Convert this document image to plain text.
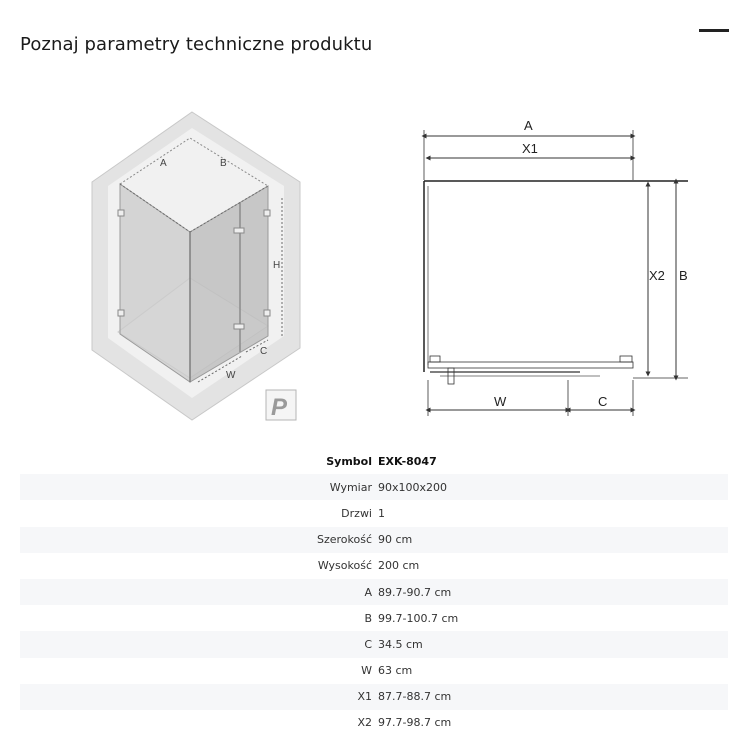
Poznaj parametry techniczne produktu
A	B
H
C
W
P
A
X1
X2 B
W	C
Symbol	EXK-8047
Wymiar	90x100x200
Drzwi	1
Szerokość	90 cm
Wysokość	200 cm
A	89.7-90.7 cm
B	99.7-100.7 cm
C	34.5 cm
W	63 cm
X1	87.7-88.7 cm
X2	97.7-98.7 cm
